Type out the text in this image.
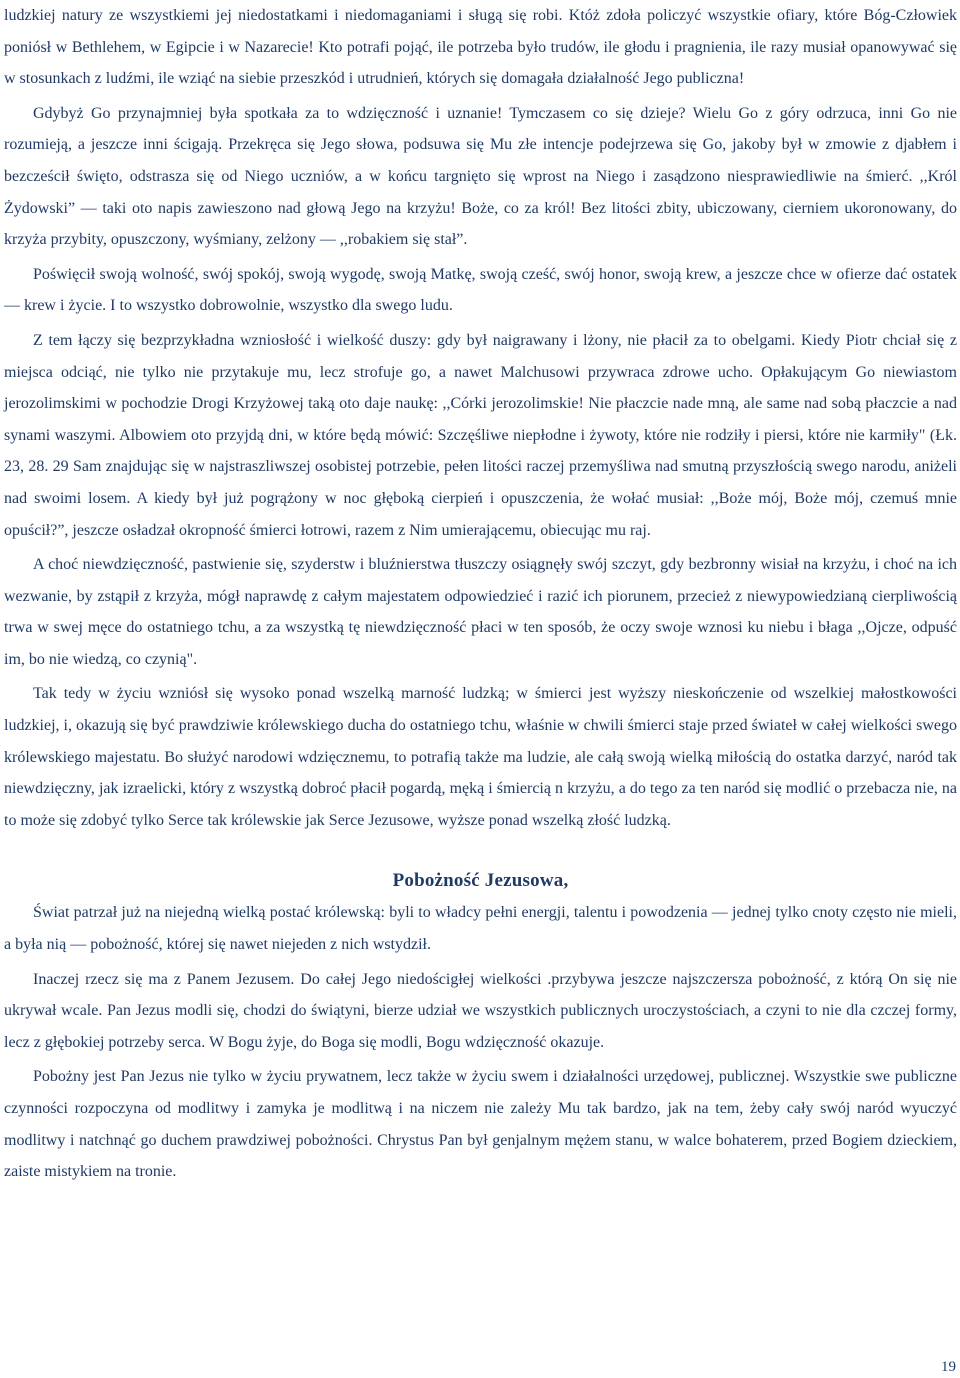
ludzkiej natury ze wszystkiemi jej niedostatkami i niedomaganiami i sługą się robi. Któż zdoła policzyć wszystkie ofiary, które Bóg-Człowiek poniósł w Bethlehem, w Egipcie i w Nazarecie! Kto potrafi pojąć, ile potrzeba było trudów, ile głodu i pragnienia, ile razy musiał opanowywać się w stosunkach z ludźmi, ile wziąć na siebie przeszkód i utrudnień, których się domagała działalność Jego publiczna!

Gdybyż Go przynajmniej była spotkała za to wdzięczność i uznanie! Tymczasem co się dzieje? Wielu Go z góry odrzuca, inni Go nie rozumieją, a jeszcze inni ścigają. Przekręca się Jego słowa, podsuwa się Mu złe intencje podejrzewa się Go, jakoby był w zmowie z djabłem i bezcześcił święto, odstrasza się od Niego uczniów, a w końcu targnięto się wprost na Niego i zasądzono niesprawiedliwie na śmierć. ,,Król Żydowski” ― taki oto napis zawieszono nad głową Jego na krzyżu! Boże, co za król! Bez litości zbity, ubiczowany, cierniem ukoronowany, do krzyża przybity, opuszczony, wyśmiany, zelżony ― ,,robakiem się stał”.

Poświęcił swoją wolność, swój spokój, swoją wygodę, swoją Matkę, swoją cześć, swój honor, swoją krew, a jeszcze chce w ofierze dać ostatek ― krew i życie. I to wszystko dobrowolnie, wszystko dla swego ludu.

Z tem łączy się bezprzykładna wzniosłość i wielkość duszy: gdy był naigrawany i lżony, nie płacił za to obelgami. Kiedy Piotr chciał się z miejsca odciąć, nie tylko nie przytakuje mu, lecz strofuje go, a nawet Malchusowi przywraca zdrowe ucho. Opłakującym Go niewiastom jerozolimskimi w pochodzie Drogi Krzyżowej taką oto daje naukę: ,,Córki jerozolimskie! Nie płaczcie nade mną, ale same nad sobą płaczcie a nad synami waszymi. Albowiem oto przyjdą dni, w które będą mówić: Szczęśliwe niepłodne i żywoty, które nie rodziły i piersi, które nie karmiły" (Łk. 23, 28. 29 Sam znajdując się w najstraszliwszej osobistej potrzebie, pełen litości raczej przemyśliwa nad smutną przyszłością swego narodu, aniżeli nad swoimi losem. A kiedy był już pogrążony w noc głęboką cierpień i opuszczenia, że wołać musiał: ,,Boże mój, Boże mój, czemuś mnie opuścił?”, jeszcze osładzał okropność śmierci łotrowi, razem z Nim umierającemu, obiecując mu raj.

A choć niewdzięczność, pastwienie się, szyderstw i bluźnierstwa tłuszczy osiągnęły swój szczyt, gdy bezbronny wisiał na krzyżu, i choć na ich wezwanie, by zstąpił z krzyża, mógł naprawdę z całym majestatem odpowiedzieć i razić ich piorunem, przecież z niewypowiedzianą cierpliwością trwa w swej męce do ostatniego tchu, a za wszystką tę niewdzięczność płaci w ten sposób, że oczy swoje wznosi ku niebu i błaga ,,Ojcze, odpuść im, bo nie wiedzą, co czynią".

Tak tedy w życiu wzniósł się wysoko ponad wszelką marność ludzką; w śmierci jest wyższy nieskończenie od wszelkiej małostkowości ludzkiej, i, okazują się być prawdziwie królewskiego ducha do ostatniego tchu, właśnie w chwili śmierci staje przed świateł w całej wielkości swego królewskiego majestatu. Bo służyć narodowi wdzięcznemu, to potrafią także ma ludzie, ale całą swoją wielką miłością do ostatka darzyć, naród tak niewdzięczny, jak izraelicki, który z wszystką dobroć płacił pogardą, męką i śmiercią n krzyżu, a do tego za ten naród się modlić o przebacza nie, na to może się zdobyć tylko Serce tak królewskie jak Serce Jezusowe, wyższe ponad wszelką złość ludzką.

Pobożność Jezusowa,

Świat patrzał już na niejedną wielką postać królewską: byli to władcy pełni energji, talentu i powodzenia ― jednej tylko cnoty często nie mieli, a była nią ― pobożność, której się nawet niejeden z nich wstydził.

Inaczej rzecz się ma z Panem Jezusem. Do całej Jego niedościgłej wielkości .przybywa jeszcze najszczersza pobożność, z którą On się nie ukrywał wcale. Pan Jezus modli się, chodzi do świątyni, bierze udział we wszystkich publicznych uroczystościach, a czyni to nie dla czczej formy, lecz z głębokiej potrzeby serca. W Bogu żyje, do Boga się modli, Bogu wdzięczność okazuje.

Pobożny jest Pan Jezus nie tylko w życiu prywatnem, lecz także w życiu swem i działalności urzędowej, publicznej. Wszystkie swe publiczne czynności rozpoczyna od modlitwy i zamyka je modlitwą i na niczem nie zależy Mu tak bardzo, jak na tem, żeby cały swój naród wyuczyć modlitwy i natchnąć go duchem prawdziwej pobożności. Chrystus Pan był genjalnym mężem stanu, w walce bohaterem, przed Bogiem dzieckiem, zaiste mistykiem na tronie.

19
